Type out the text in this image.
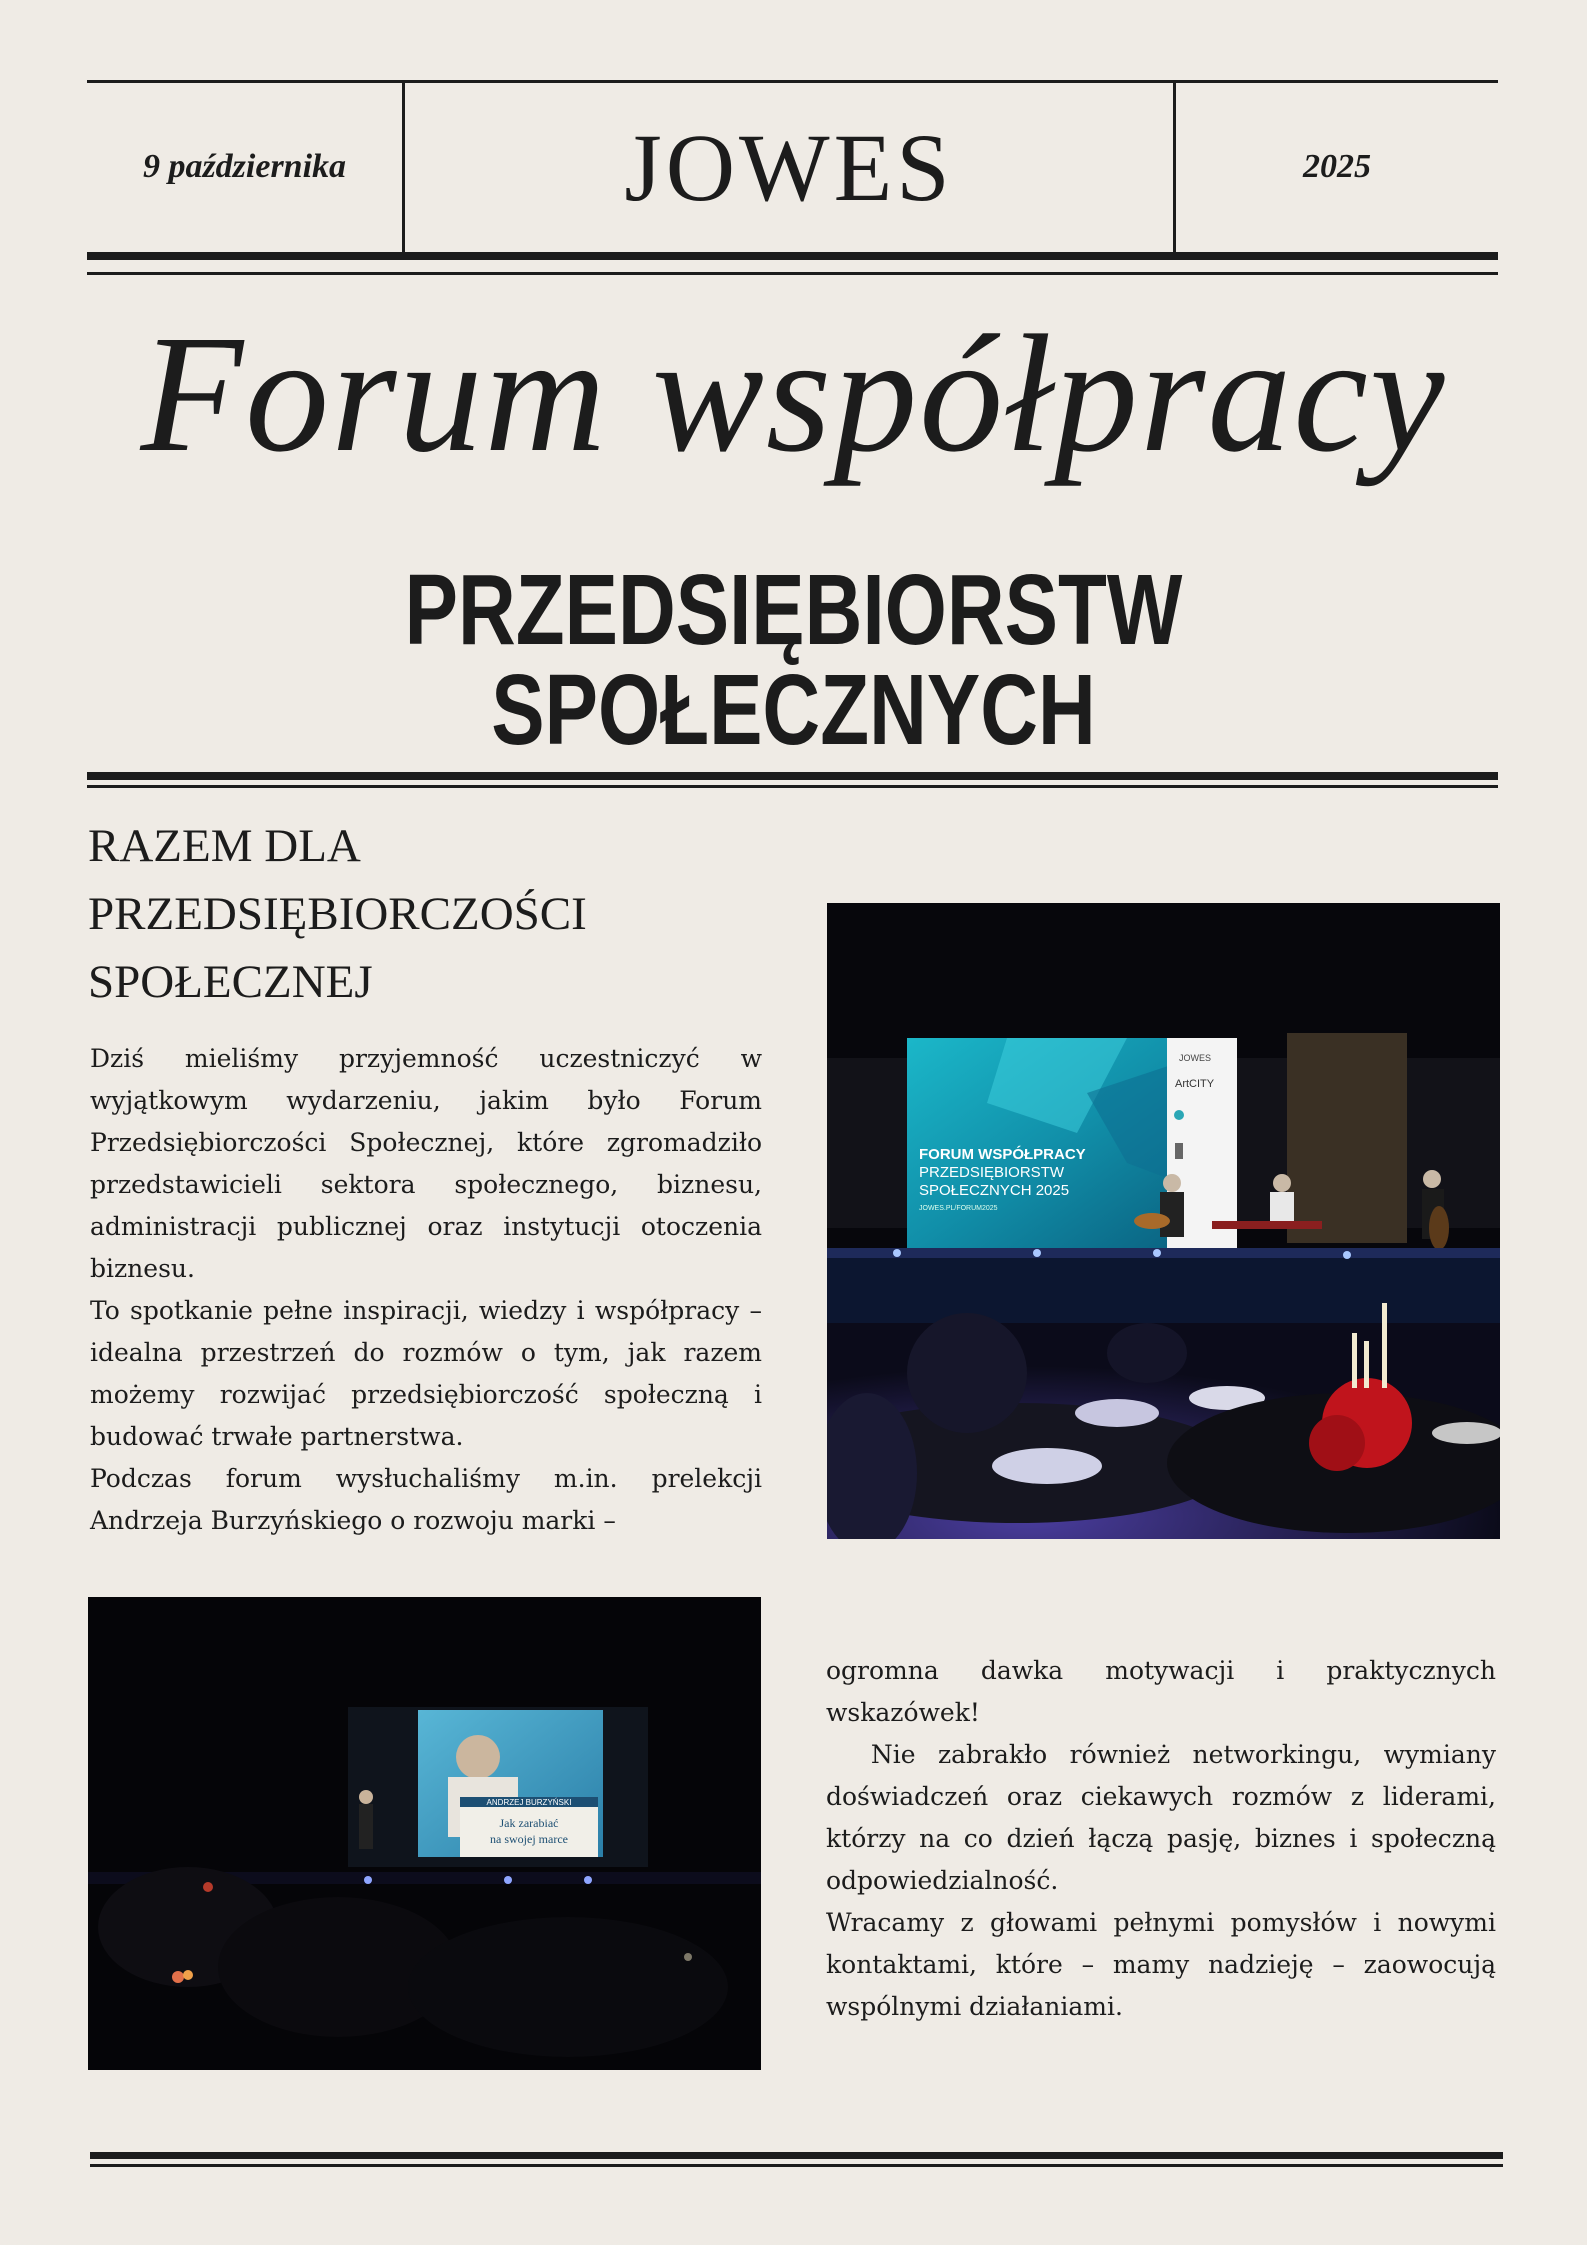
9 października	JOWES	2025
Forum współpracy
PRZEDSIĘBIORSTW SPOŁECZNYCH
RAZEM DLA
PRZEDSIĘBIORCZOŚCI
SPOŁECZNEJ

Dziś mieliśmy przyjemność uczestniczyć w wyjątkowym wydarzeniu, jakim było Forum Przedsiębiorczości Społecznej, które zgromadziło przedstawicieli sektora społecznego, biznesu, administracji publicznej oraz instytucji otoczenia biznesu.

To spotkanie pełne inspiracji, wiedzy i współpracy – idealna przestrzeń do rozmów o tym, jak razem możemy rozwijać przedsiębiorczość społeczną i budować trwałe partnerstwa.

Podczas forum wysłuchaliśmy m.in. prelekcji Andrzeja Burzyńskiego o rozwoju marki –

JOWES
ArtCITY
FORUM WSPÓŁPRACY
PRZEDSIĘBIORSTW
SPOŁECZNYCH 2025
JOWES.PL/FORUM2025
ANDRZEJ BURZYŃSKI
Jak zarabiać
na swojej marce

ogromna dawka motywacji i praktycznych wskazówek!

Nie zabrakło również networkingu, wymiany doświadczeń oraz ciekawych rozmów z liderami, którzy na co dzień łączą pasję, biznes i społeczną odpowiedzialność.

Wracamy z głowami pełnymi pomysłów i nowymi kontaktami, które – mamy nadzieję – zaowocują wspólnymi działaniami.
